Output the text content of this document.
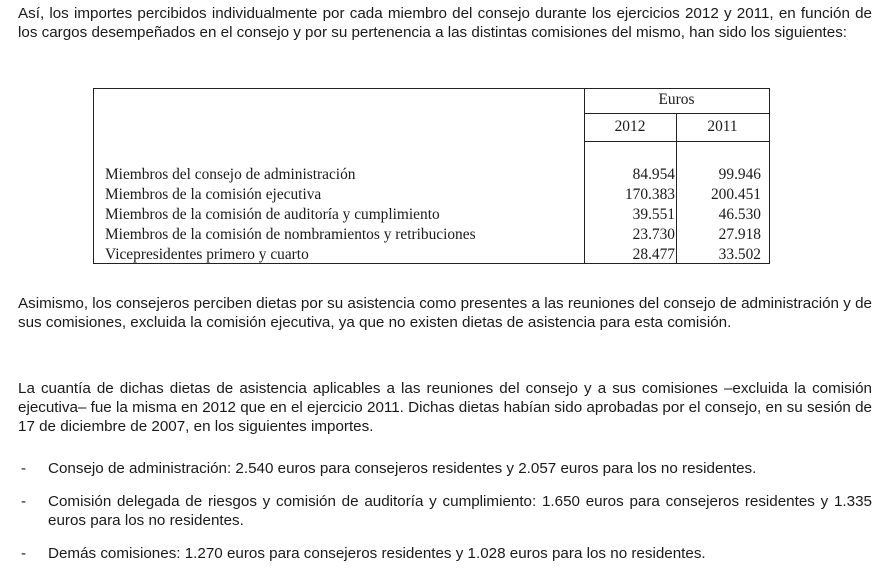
Así, los importes percibidos individualmente por cada miembro del consejo durante los ejercicios 2012 y 2011, en función de los cargos desempeñados en el consejo y por su pertenencia a las distintas comisiones del mismo, han sido los siguientes:

Euros
2012	2011
Miembros del consejo de administración	84.954	99.946
Miembros de la comisión ejecutiva	170.383 200.451
Miembros de la comisión de auditoría y cumplimiento	39.551	46.530
Miembros de la comisión de nombramientos y retribuciones	23.730	27.918
Vicepresidentes primero y cuarto	28.477	33.502

Asimismo, los consejeros perciben dietas por su asistencia como presentes a las reuniones del consejo de administración y de sus comisiones, excluida la comisión ejecutiva, ya que no existen dietas de asistencia para esta comisión.

La cuantía de dichas dietas de asistencia aplicables a las reuniones del consejo y a sus comisiones –excluida la comisión ejecutiva– fue la misma en 2012 que en el ejercicio 2011. Dichas dietas habían sido aprobadas por el consejo, en su sesión de 17 de diciembre de 2007, en los siguientes importes.

- Consejo de administración: 2.540 euros para consejeros residentes y 2.057 euros para los no residentes.
- Comisión delegada de riesgos y comisión de auditoría y cumplimiento: 1.650 euros para consejeros residentes y 1.335 euros para los no residentes.
- Demás comisiones: 1.270 euros para consejeros residentes y 1.028 euros para los no residentes.
